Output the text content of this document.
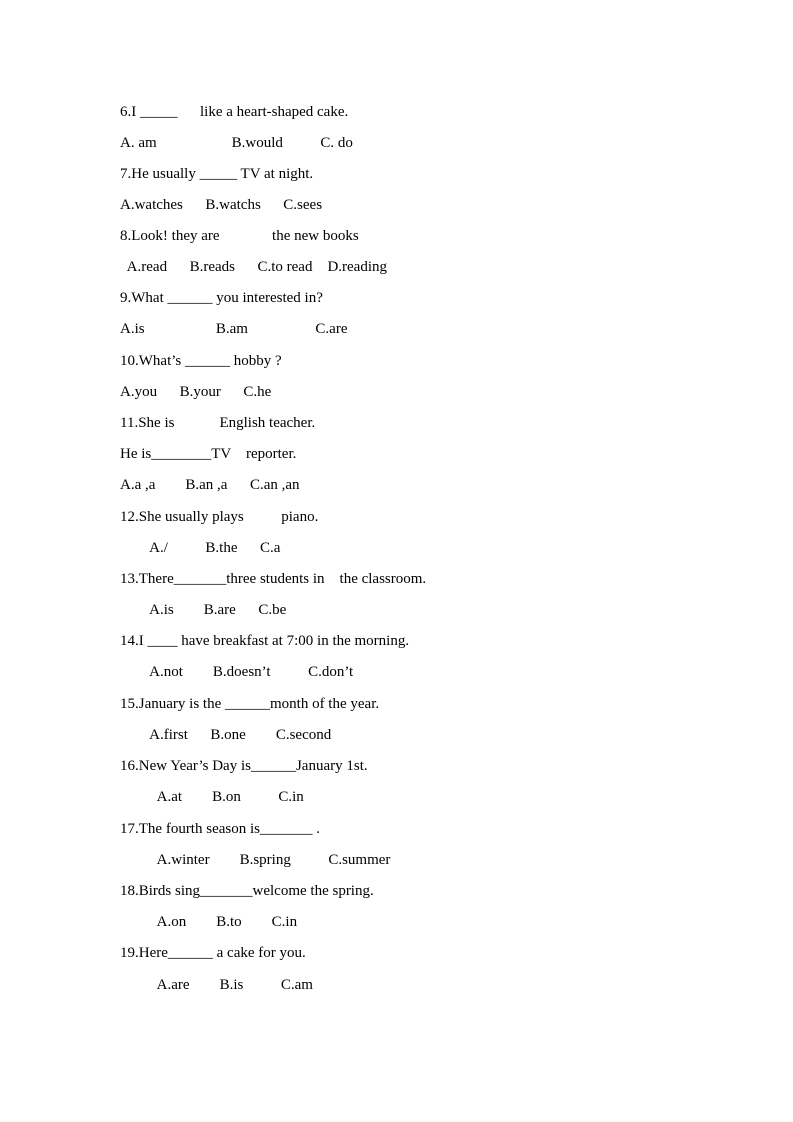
6.I _____      like a heart-shaped cake.
A. am                    B.would          C. do
7.He usually _____ TV at night.
A.watches      B.watchs      C.sees
8.Look! they are              the new books
A.read      B.reads      C.to read    D.reading
9.What ______ you interested in?
A.is                   B.am                  C.are
10.What’s ______ hobby ?
A.you      B.your      C.he
11.She is            English teacher.
He is________TV    reporter.
A.a ,a        B.an ,a      C.an ,an
12.She usually plays          piano.
A./          B.the      C.a
13.There_______three students in    the classroom.
A.is        B.are      C.be
14.I ____ have breakfast at 7:00 in the morning.
A.not        B.doesn’t          C.don’t
15.January is the ______month of the year.
A.first      B.one        C.second
16.New Year’s Day is______January 1st.
A.at        B.on          C.in
17.The fourth season is_______ .
A.winter        B.spring          C.summer
18.Birds sing_______welcome the spring.
A.on        B.to        C.in
19.Here______ a cake for you.
A.are        B.is          C.am
